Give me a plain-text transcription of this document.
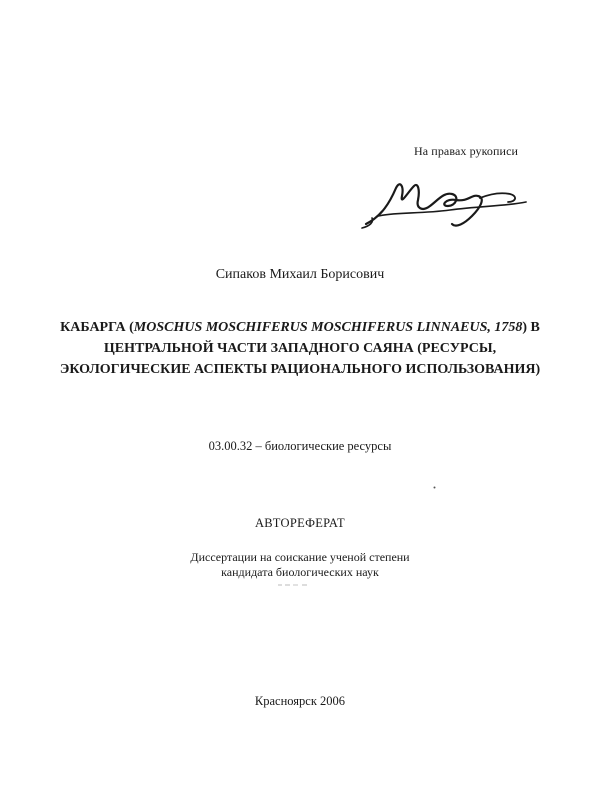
На правах рукописи
Сипаков Михаил Борисович
КАБАРГА (MOSCHUS MOSCHIFERUS MOSCHIFERUS LINNAEUS, 1758) В ЦЕНТРАЛЬНОЙ ЧАСТИ ЗАПАДНОГО САЯНА (РЕСУРСЫ, ЭКОЛОГИЧЕСКИЕ АСПЕКТЫ РАЦИОНАЛЬНОГО ИСПОЛЬЗОВАНИЯ)
03.00.32 – биологические ресурсы
АВТОРЕФЕРАТ
Диссертации на соискание ученой степени
кандидата биологических наук
Красноярск 2006
